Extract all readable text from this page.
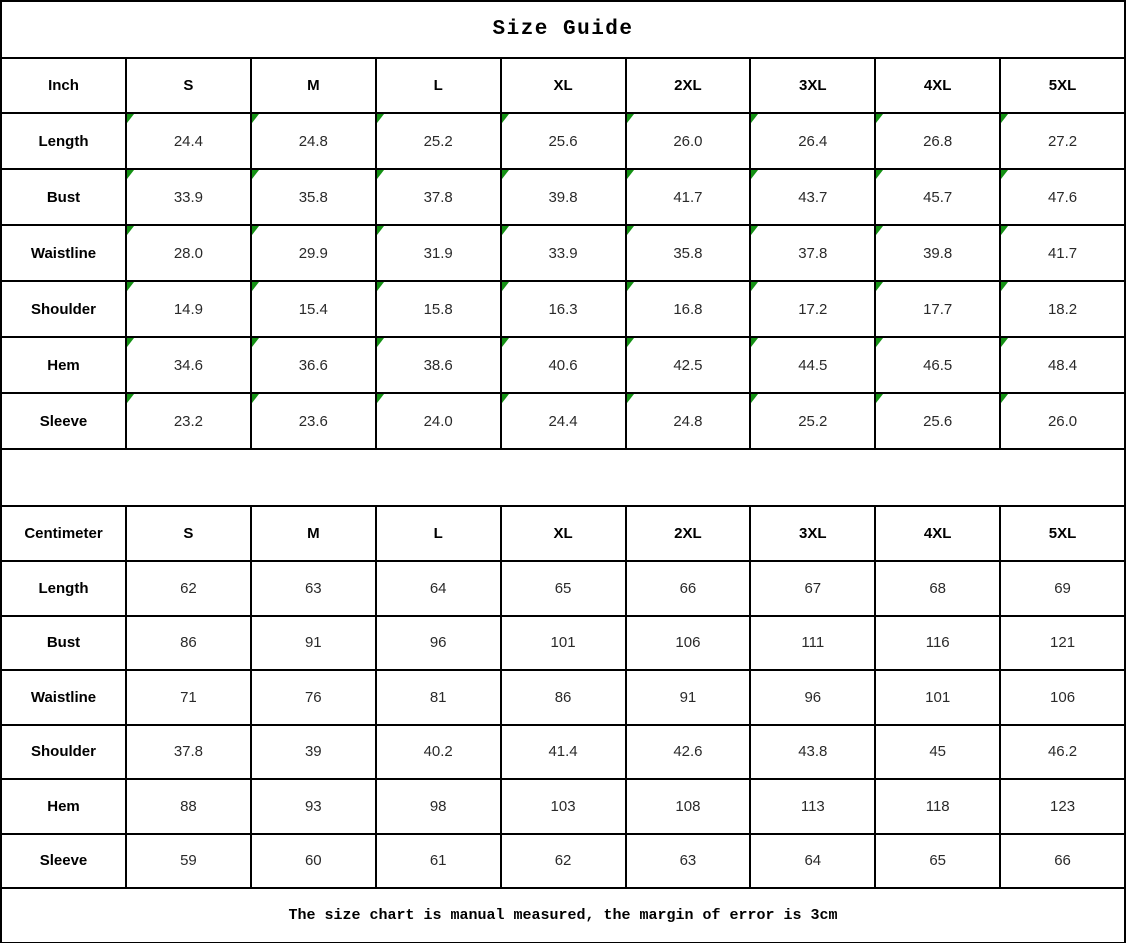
Size Guide								
Inch	S	M	L	XL	2XL	3XL	4XL	5XL
Length	24.4	24.8	25.2	25.6	26.0	26.4	26.8	27.2
Bust	33.9	35.8	37.8	39.8	41.7	43.7	45.7	47.6
Waistline	28.0	29.9	31.9	33.9	35.8	37.8	39.8	41.7
Shoulder	14.9	15.4	15.8	16.3	16.8	17.2	17.7	18.2
Hem	34.6	36.6	38.6	40.6	42.5	44.5	46.5	48.4
Sleeve	23.2	23.6	24.0	24.4	24.8	25.2	25.6	26.0

Centimeter	S	M	L	XL	2XL	3XL	4XL	5XL
Length	62	63	64	65	66	67	68	69
Bust	86	91	96	101	106	111	116	121
Waistline	71	76	81	86	91	96	101	106
Shoulder	37.8	39	40.2	41.4	42.6	43.8	45	46.2
Hem	88	93	98	103	108	113	118	123
Sleeve	59	60	61	62	63	64	65	66
The size chart is manual measured, the margin of error is 3cm								
